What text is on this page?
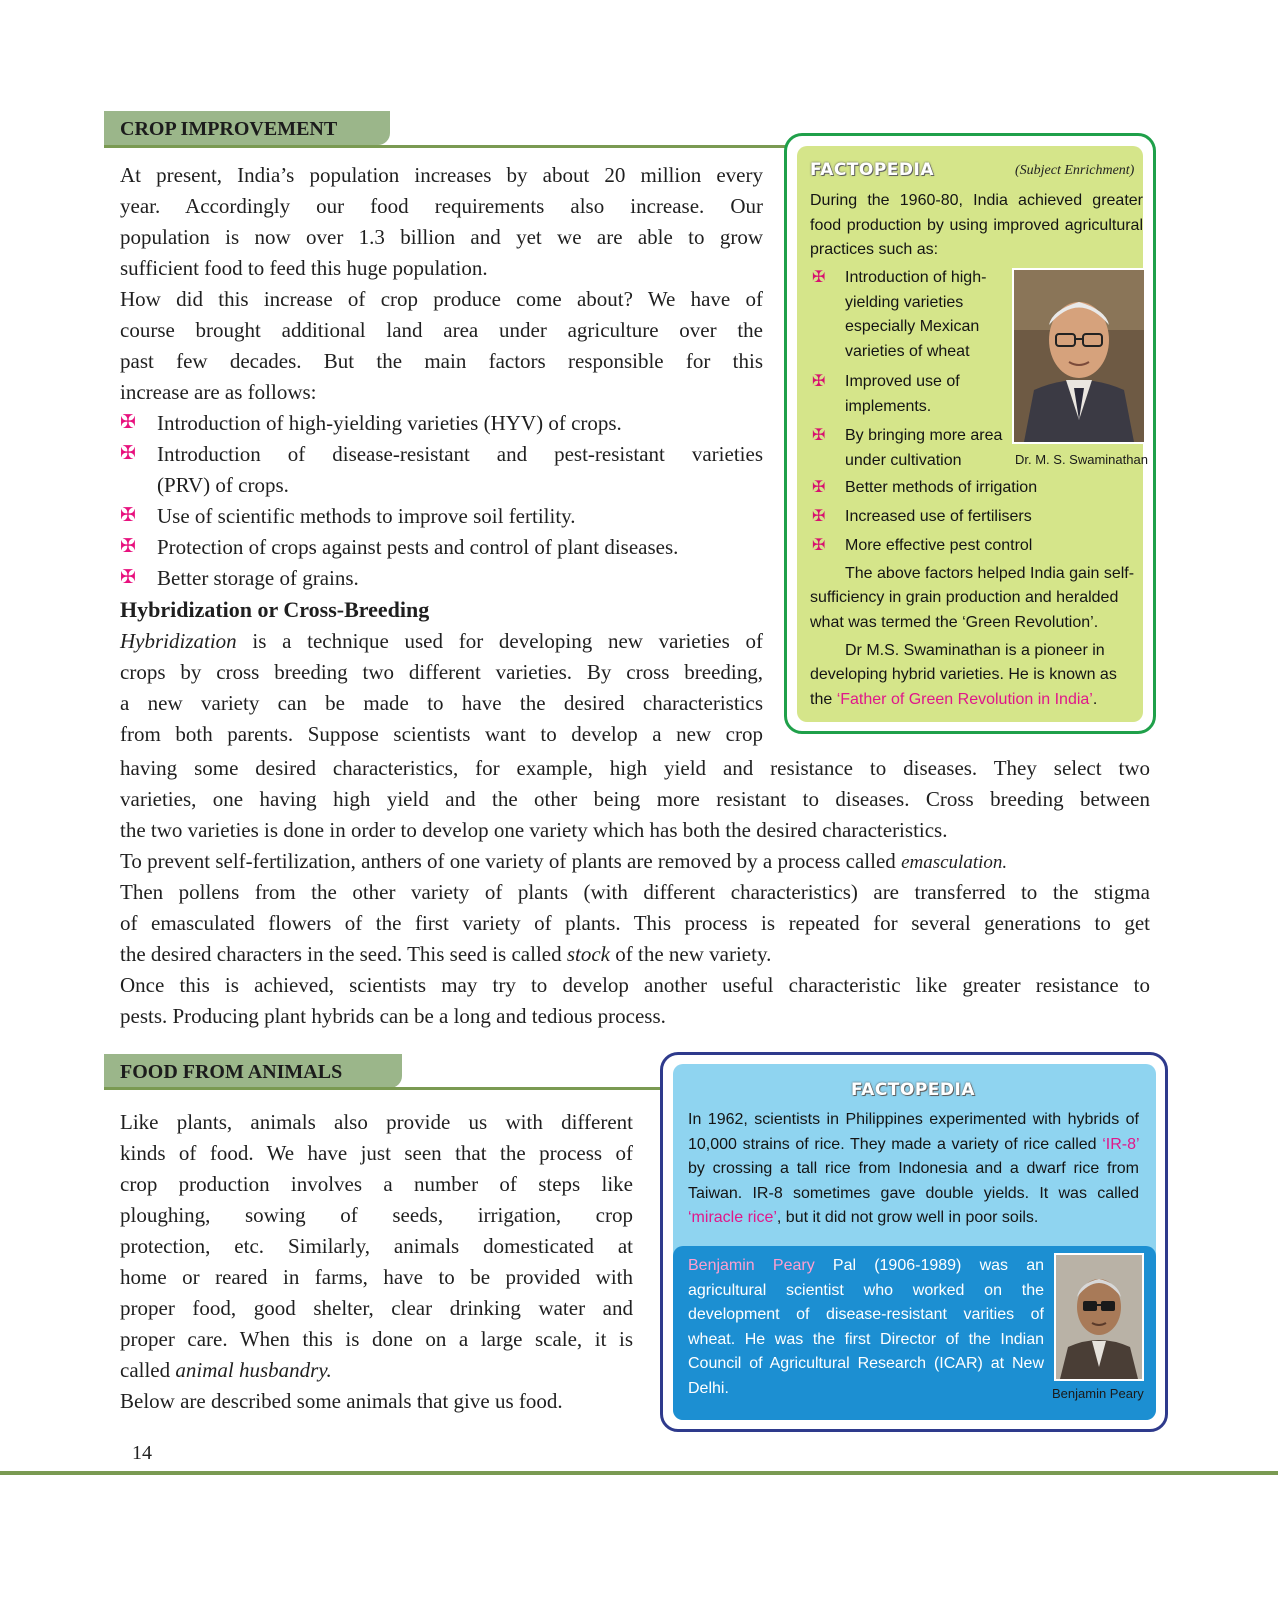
CROP IMPROVEMENT

At present, India’s population increases by about 20 million every

year. Accordingly our food requirements also increase. Our

population is now over 1.3 billion and yet we are able to grow

sufficient food to feed this huge population.

How did this increase of crop produce come about? We have of

course brought additional land area under agriculture over the

past few decades. But the main factors responsible for this

increase are as follows:

✠ Introduction of high-yielding varieties (HYV) of crops.
✠ Introduction of disease-resistant and pest-resistant varieties
(PRV) of crops.
✠ Use of scientific methods to improve soil fertility.
✠ Protection of crops against pests and control of plant diseases.
✠ Better storage of grains.
Hybridization or Cross-Breeding

Hybridization is a technique used for developing new varieties of

crops by cross breeding two different varieties. By cross breeding,

a new variety can be made to have the desired characteristics

from both parents. Suppose scientists want to develop a new crop

having some desired characteristics, for example, high yield and resistance to diseases. They select two

varieties, one having high yield and the other being more resistant to diseases. Cross breeding between

the two varieties is done in order to develop one variety which has both the desired characteristics.

To prevent self-fertilization, anthers of one variety of plants are removed by a process called emasculation.

Then pollens from the other variety of plants (with different characteristics) are transferred to the stigma

of emasculated flowers of the first variety of plants. This process is repeated for several generations to get

the desired characters in the seed. This seed is called stock of the new variety.

Once this is achieved, scientists may try to develop another useful characteristic like greater resistance to

pests. Producing plant hybrids can be a long and tedious process.

FACTOPEDIA	(Subject Enrichment)

During the 1960-80, India achieved greater food production by using improved agricultural practices such as:

Dr. M. S. Swaminathan
✠ Introduction of high-
yielding varieties
especially Mexican
varieties of wheat
✠ Improved use of
implements.
✠ By bringing more area
under cultivation
✠ Better methods of irrigation
✠ Increased use of fertilisers
✠ More effective pest control

The above factors helped India gain self-

sufficiency in grain production and heralded what was termed the ‘Green Revolution’.

Dr M.S. Swaminathan is a pioneer in

developing hybrid varieties. He is known as the ‘Father of Green Revolution in India’.

FOOD FROM ANIMALS

Like plants, animals also provide us with different

kinds of food. We have just seen that the process of

crop production involves a number of steps like

ploughing, sowing of seeds, irrigation, crop

protection, etc. Similarly, animals domesticated at

home or reared in farms, have to be provided with

proper food, good shelter, clear drinking water and

proper care. When this is done on a large scale, it is

called animal husbandry.

Below are described some animals that give us food.

FACTOPEDIA

In 1962, scientists in Philippines experimented with hybrids of 10,000 strains of rice. They made a variety of rice called ‘IR-8’ by crossing a tall rice from Indonesia and a dwarf rice from Taiwan. IR-8 sometimes gave double yields. It was called ‘miracle rice’, but it did not grow well in poor soils.

Benjamin Peary Pal (1906-1989) was an agricultural scientist who worked on the development of disease-resistant varities of wheat. He was the first Director of the Indian Council of Agricultural Research (ICAR) at New Delhi.	Benjamin Peary
14
